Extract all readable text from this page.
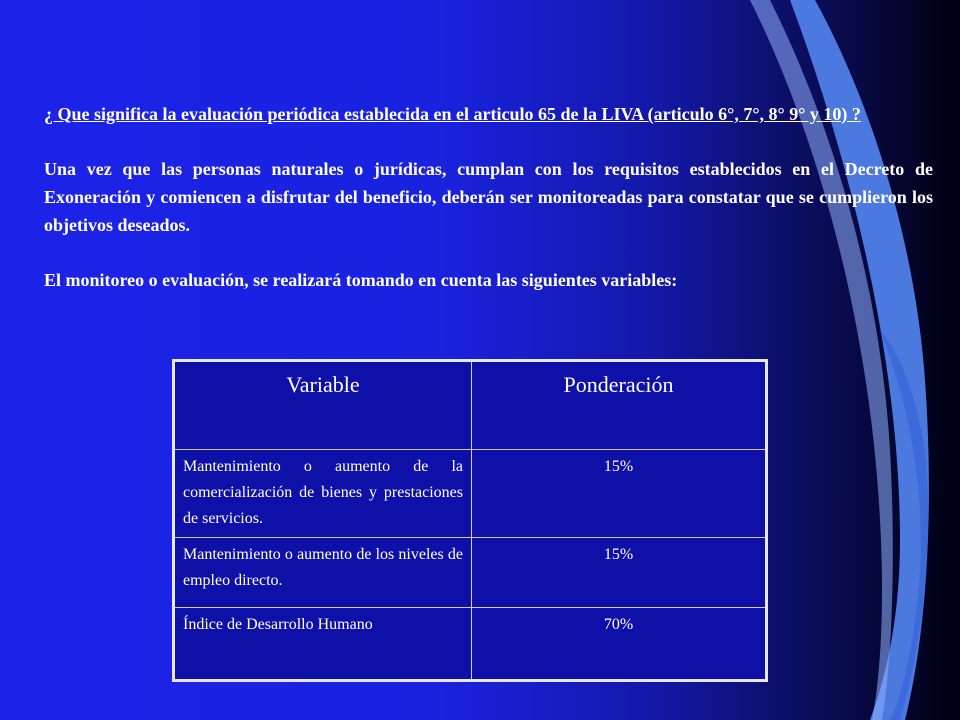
¿ Que significa la evaluación periódica establecida en el articulo 65 de la LIVA (articulo 6°, 7°, 8° 9° y 10) ?

Una vez que las personas naturales o jurídicas, cumplan con los requisitos establecidos en el Decreto de Exoneración y comiencen a disfrutar del beneficio, deberán ser monitoreadas para constatar que se cumplieron los objetivos deseados.

El monitoreo o evaluación, se realizará tomando en cuenta las siguientes variables:

Variable	Ponderación
Mantenimiento o aumento de la comercialización de bienes y prestaciones de servicios.	15%
Mantenimiento o aumento de los niveles de empleo directo.	15%
Índice de Desarrollo Humano	70%
